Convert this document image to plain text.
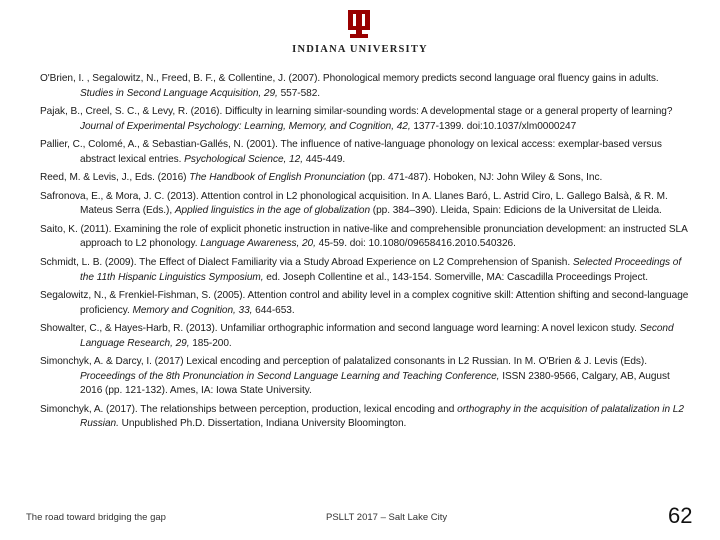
INDIANA UNIVERSITY

O'Brien, I. , Segalowitz, N., Freed, B. F., & Collentine, J. (2007). Phonological memory predicts second language oral fluency gains in adults. Studies in Second Language Acquisition, 29, 557-582.

Pajak, B., Creel, S. C., & Levy, R. (2016). Difficulty in learning similar-sounding words: A developmental stage or a general property of learning? Journal of Experimental Psychology: Learning, Memory, and Cognition, 42, 1377-1399. doi:10.1037/xlm0000247

Pallier, C., Colomé, A., & Sebastian-Gallés, N. (2001). The influence of native-language phonology on lexical access: exemplar-based versus abstract lexical entries. Psychological Science, 12, 445-449.

Reed, M. & Levis, J., Eds. (2016) The Handbook of English Pronunciation (pp. 471-487). Hoboken, NJ: John Wiley & Sons, Inc.

Safronova, E., & Mora, J. C. (2013). Attention control in L2 phonological acquisition. In A. Llanes Baró, L. Astrid Ciro, L. Gallego Balsà, & R. M. Mateus Serra (Eds.), Applied linguistics in the age of globalization (pp. 384–390). Lleida, Spain: Edicions de la Universitat de Lleida.

Saito, K. (2011). Examining the role of explicit phonetic instruction in native-like and comprehensible pronunciation development: an instructed SLA approach to L2 phonology. Language Awareness, 20, 45-59. doi: 10.1080/09658416.2010.540326.

Schmidt, L. B. (2009). The Effect of Dialect Familiarity via a Study Abroad Experience on L2 Comprehension of Spanish. Selected Proceedings of the 11th Hispanic Linguistics Symposium, ed. Joseph Collentine et al., 143-154. Somerville, MA: Cascadilla Proceedings Project.

Segalowitz, N., & Frenkiel-Fishman, S. (2005). Attention control and ability level in a complex cognitive skill: Attention shifting and second-language proficiency. Memory and Cognition, 33, 644-653.

Showalter, C., & Hayes-Harb, R. (2013). Unfamiliar orthographic information and second language word learning: A novel lexicon study. Second Language Research, 29, 185-200.

Simonchyk, A. & Darcy, I. (2017) Lexical encoding and perception of palatalized consonants in L2 Russian. In M. O'Brien & J. Levis (Eds). Proceedings of the 8th Pronunciation in Second Language Learning and Teaching Conference, ISSN 2380-9566, Calgary, AB, August 2016 (pp. 121-132). Ames, IA: Iowa State University.

Simonchyk, A. (2017). The relationships between perception, production, lexical encoding and orthography in the acquisition of palatalization in L2 Russian. Unpublished Ph.D. Dissertation, Indiana University Bloomington.

The road toward bridging the gap	PSLLT 2017 – Salt Lake City	62
